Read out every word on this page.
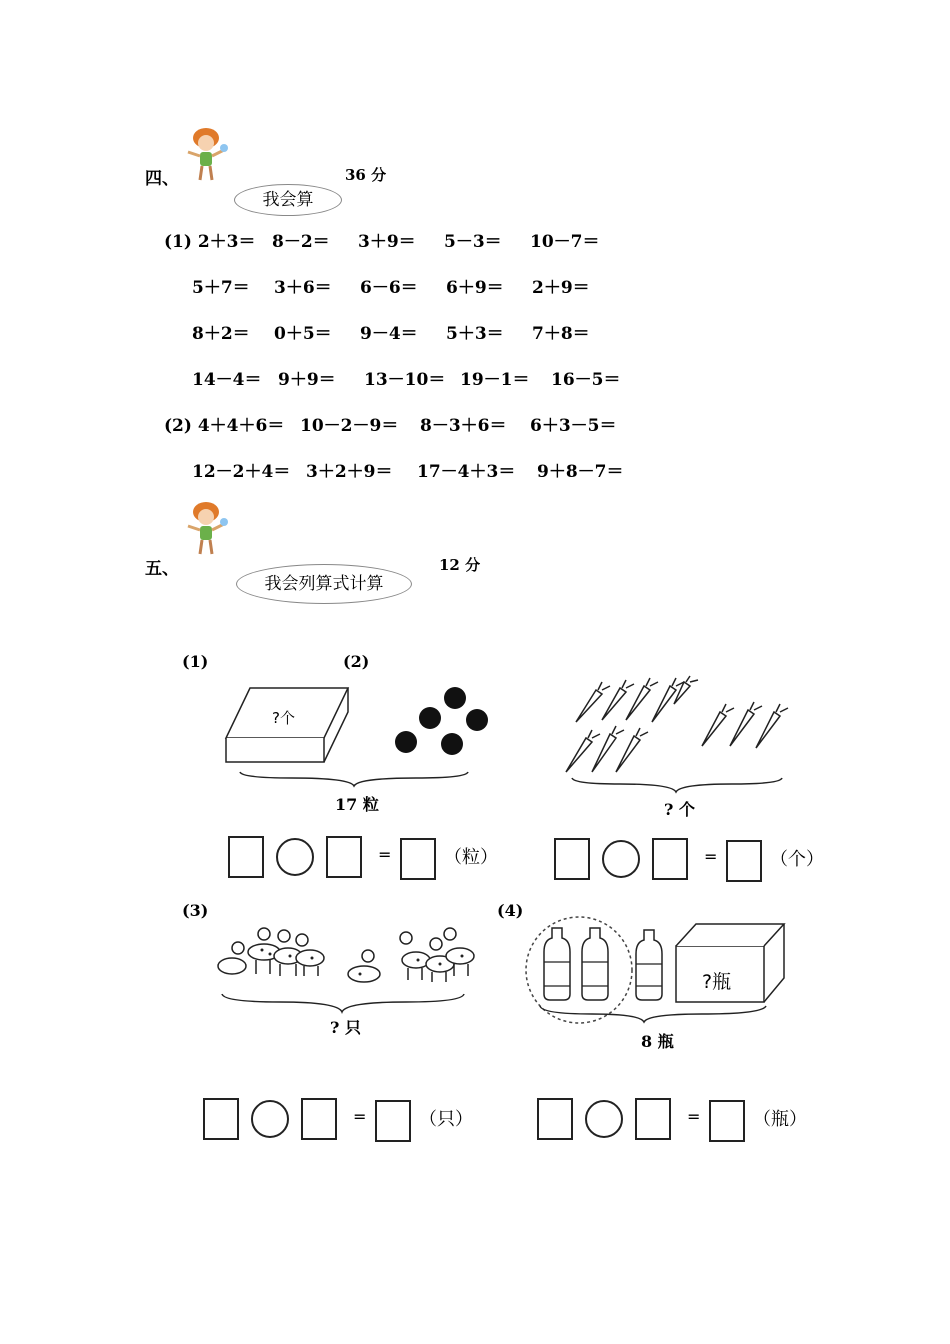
四、	36 分
我会算
(1) 2＋3＝ 8－2＝ 3＋9＝ 5－3＝ 10－7＝
5＋7＝ 3＋6＝ 6－6＝ 6＋9＝ 2＋9＝
8＋2＝ 0＋5＝ 9－4＝ 5＋3＝ 7＋8＝
14－4＝ 9＋9＝ 13－10＝ 19－1＝ 16－5＝
(2) 4＋4＋6＝ 10－2－9＝ 8－3＋6＝ 6＋3－5＝
12－2＋4＝ 3＋2＋9＝ 17－4＋3＝ 9＋8－7＝
五、	12 分
我会列算式计算
(1)	(2)
(3)	(4)
?个
17 粒	? 个
? 只
?瓶
8 瓶
=	（粒）	=	（个）
=	（只）	=	（瓶）
